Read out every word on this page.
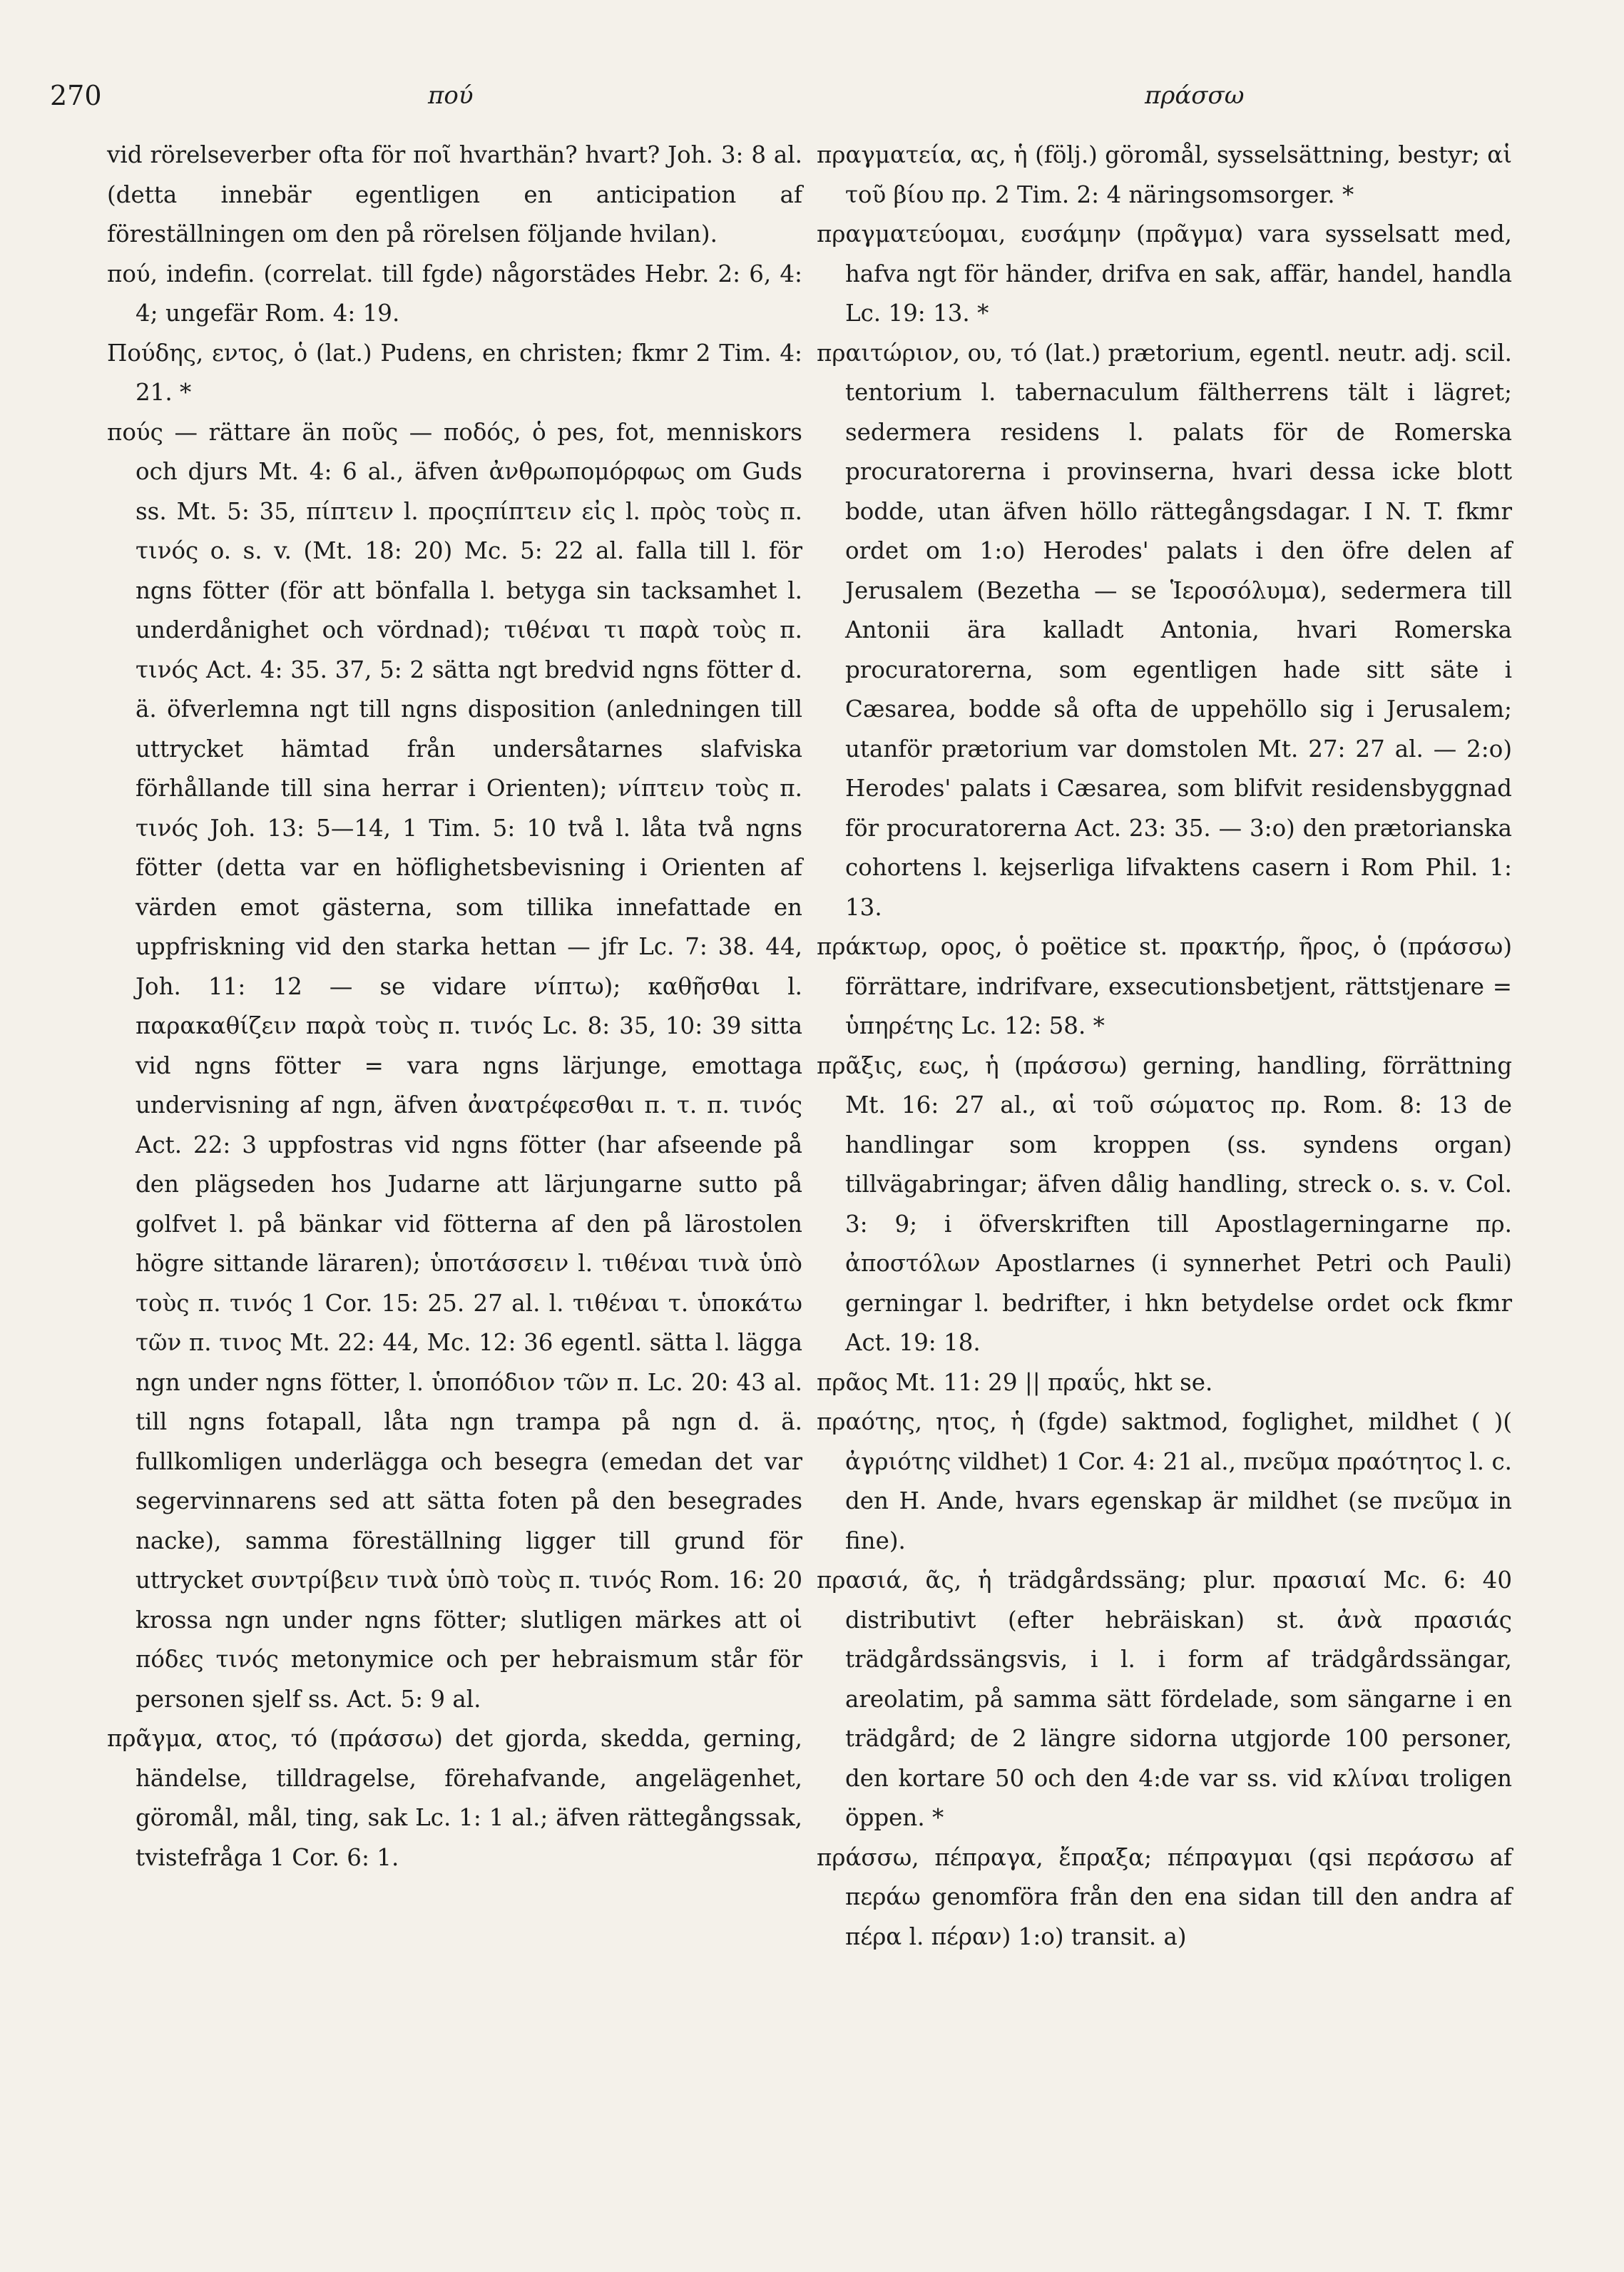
270	πού	πράσσω

vid rörelseverber ofta för ποῖ hvarthän? hvart? Joh. 3: 8 al. (detta innebär egentligen en anticipation af föreställningen om den på rörelsen följande hvilan).

πού, indefin. (correlat. till fgde) någorstädes Hebr. 2: 6, 4: 4; ungefär Rom. 4: 19.

Πούδης, εντος, ὁ (lat.) Pudens, en christen; fkmr 2 Tim. 4: 21. *

πούς — rättare än ποῦς — ποδός, ὁ pes, fot, menniskors och djurs Mt. 4: 6 al., äfven ἀνθρωπομόρφως om Guds ss. Mt. 5: 35, πίπτειν l. προςπίπτειν εἰς l. πρὸς τοὺς π. τινός o. s. v. (Mt. 18: 20) Mc. 5: 22 al. falla till l. för ngns fötter (för att bönfalla l. betyga sin tacksamhet l. underdånighet och vördnad); τιθέναι τι παρὰ τοὺς π. τινός Act. 4: 35. 37, 5: 2 sätta ngt bredvid ngns fötter d. ä. öfverlemna ngt till ngns disposition (anledningen till uttrycket hämtad från undersåtarnes slafviska förhållande till sina herrar i Orienten); νίπτειν τοὺς π. τινός Joh. 13: 5—14, 1 Tim. 5: 10 två l. låta två ngns fötter (detta var en höflighetsbevisning i Orienten af värden emot gästerna, som tillika innefattade en uppfriskning vid den starka hettan — jfr Lc. 7: 38. 44, Joh. 11: 12 — se vidare νίπτω); καθῆσθαι l. παρακαθίζειν παρὰ τοὺς π. τινός Lc. 8: 35, 10: 39 sitta vid ngns fötter = vara ngns lärjunge, emottaga undervisning af ngn, äfven ἀνατρέφεσθαι π. τ. π. τινός Act. 22: 3 uppfostras vid ngns fötter (har afseende på den plägseden hos Judarne att lärjungarne sutto på golfvet l. på bänkar vid fötterna af den på lärostolen högre sittande läraren); ὑποτάσσειν l. τιθέναι τινὰ ὑπὸ τοὺς π. τινός 1 Cor. 15: 25. 27 al. l. τιθέναι τ. ὑποκάτω τῶν π. τινος Mt. 22: 44, Mc. 12: 36 egentl. sätta l. lägga ngn under ngns fötter, l. ὑποπόδιον τῶν π. Lc. 20: 43 al. till ngns fotapall, låta ngn trampa på ngn d. ä. fullkomligen underlägga och besegra (emedan det var segervinnarens sed att sätta foten på den besegrades nacke), samma föreställning ligger till grund för uttrycket συντρίβειν τινὰ ὑπὸ τοὺς π. τινός Rom. 16: 20 krossa ngn under ngns fötter; slutligen märkes att οἱ πόδες τινός metonymice och per hebraismum står för personen sjelf ss. Act. 5: 9 al.

πρᾶγμα, ατος, τό (πράσσω) det gjorda, skedda, gerning, händelse, tilldragelse, förehafvande, angelägenhet, göromål, mål, ting, sak Lc. 1: 1 al.; äfven rättegångssak, tvistefråga 1 Cor. 6: 1.

πραγματεία, ας, ἡ (följ.) göromål, sysselsättning, bestyr; αἱ τοῦ βίου πρ. 2 Tim. 2: 4 näringsomsorger. *

πραγματεύομαι, ευσάμην (πρᾶγμα) vara sysselsatt med, hafva ngt för händer, drifva en sak, affär, handel, handla Lc. 19: 13. *

πραιτώριον, ου, τό (lat.) prætorium, egentl. neutr. adj. scil. tentorium l. tabernaculum fältherrens tält i lägret; sedermera residens l. palats för de Romerska procuratorerna i provinserna, hvari dessa icke blott bodde, utan äfven höllo rättegångsdagar. I N. T. fkmr ordet om 1:o) Herodes' palats i den öfre delen af Jerusalem (Bezetha — se Ἱεροσόλυμα), sedermera till Antonii ära kalladt Antonia, hvari Romerska procuratorerna, som egentligen hade sitt säte i Cæsarea, bodde så ofta de uppehöllo sig i Jerusalem; utanför prætorium var domstolen Mt. 27: 27 al. — 2:o) Herodes' palats i Cæsarea, som blifvit residensbyggnad för procuratorerna Act. 23: 35. — 3:o) den prætorianska cohortens l. kejserliga lifvaktens casern i Rom Phil. 1: 13.

πράκτωρ, ορος, ὁ poëtice st. πρακτήρ, ῆρος, ὁ (πράσσω) förrättare, indrifvare, exsecutionsbetjent, rättstjenare = ὑπηρέτης Lc. 12: 58. *

πρᾶξις, εως, ἡ (πράσσω) gerning, handling, förrättning Mt. 16: 27 al., αἱ τοῦ σώματος πρ. Rom. 8: 13 de handlingar som kroppen (ss. syndens organ) tillvägabringar; äfven dålig handling, streck o. s. v. Col. 3: 9; i öfverskriften till Apostlagerningarne πρ. ἀποστόλων Apostlarnes (i synnerhet Petri och Pauli) gerningar l. bedrifter, i hkn betydelse ordet ock fkmr Act. 19: 18.

πρᾶος Mt. 11: 29 || πραΰς, hkt se.

πραότης, ητος, ἡ (fgde) saktmod, foglighet, mildhet ( )( ἀγριότης vildhet) 1 Cor. 4: 21 al., πνεῦμα πραότητος l. c. den H. Ande, hvars egenskap är mildhet (se πνεῦμα in fine).

πρασιά, ᾶς, ἡ trädgårdssäng; plur. πρασιαί Mc. 6: 40 distributivt (efter hebräiskan) st. ἀνὰ πρασιάς trädgårdssängsvis, i l. i form af trädgårdssängar, areolatim, på samma sätt fördelade, som sängarne i en trädgård; de 2 längre sidorna utgjorde 100 personer, den kortare 50 och den 4:de var ss. vid κλίναι troligen öppen. *

πράσσω, πέπραγα, ἔπραξα; πέπραγμαι (qsi περάσσω af περάω genomföra från den ena sidan till den andra af πέρα l. πέραν) 1:o) transit. a)
